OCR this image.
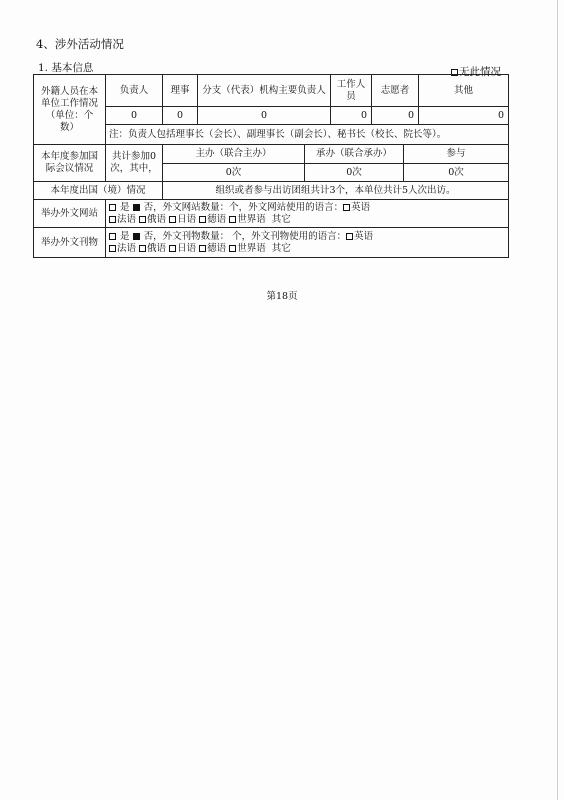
4、涉外活动情况
1. 基本信息	无此情况
外籍人员在本单位工作情况（单位：个数）	负责人	理事	分支（代表）机构主要负责人		工作人员	志愿者		其他
	0	0	0		0	0		0
	注：负责人包括理事长（会长）、副理事长（副会长）、秘书长（校长、院长等）。							
本年度参加国际会议情况	共计参加0次，其中，	主办（联合主办）		承办（联合承办）			参与	
		0次		0次			0次	
本年度出国（境）情况		组织或者参与出访团组共计3个，本单位共计5人次出访。						
举办外文网站	是 否，外文网站数量：个，外文网站使用的语言： 英语
法语 俄语 日语 德语 世界语 其它							

举办外文刊物	是 否，外文刊物数量： 个，外文刊物使用的语言： 英语
法语 俄语 日语 德语 世界语 其它							
第18页
